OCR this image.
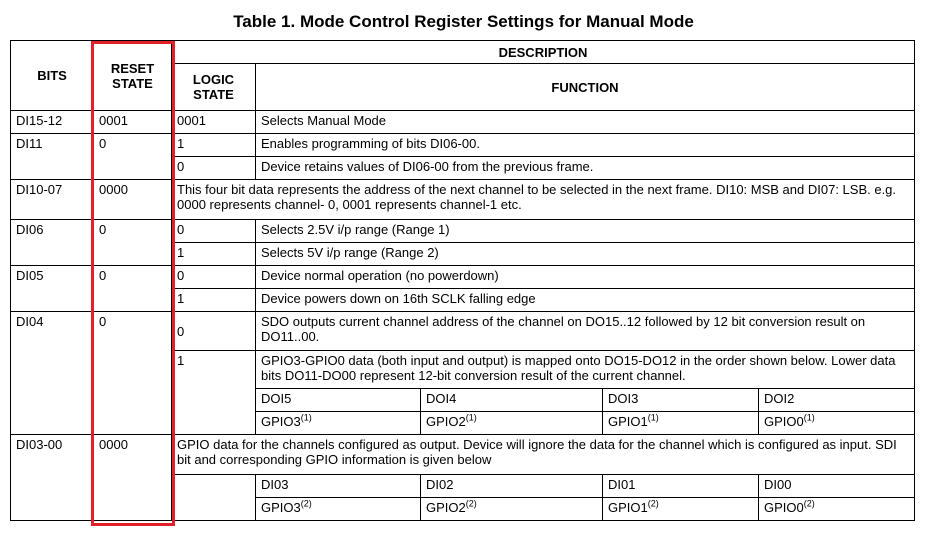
Table 1. Mode Control Register Settings for Manual Mode
BITS	RESET STATE	DESCRIPTION				
		LOGIC STATE	FUNCTION			
DI15-12	0001	0001	Selects Manual Mode			
DI11	0	1	Enables programming of bits DI06-00.			
		0	Device retains values of DI06-00 from the previous frame.			
DI10-07	0000	This four bit data represents the address of the next channel to be selected in the next frame. DI10: MSB and DI07: LSB. e.g. 0000 represents channel- 0, 0001 represents channel-1 etc.				
DI06	0	0	Selects 2.5V i/p range (Range 1)			
		1	Selects 5V i/p range (Range 2)			
DI05	0	0	Device normal operation (no powerdown)			
		1	Device powers down on 16th SCLK falling edge			
DI04	0	0	SDO outputs current channel address of the channel on DO15..12 followed by 12 bit conversion result on DO11..00.			
		1	GPIO3-GPIO0 data (both input and output) is mapped onto DO15-DO12 in the order shown below. Lower data bits DO11-DO00 represent 12-bit conversion result of the current channel.			
			DOI5	DOI4	DOI3	DOI2
			GPIO3$^{(1)}$	GPIO2$^{(1)}$	GPIO1$^{(1)}$	GPIO0$^{(1)}$
DI03-00	0000	GPIO data for the channels configured as output. Device will ignore the data for the channel which is configured as input. SDI bit and corresponding GPIO information is given below				
			DI03	DI02	DI01	DI00
			GPIO3$^{(2)}$	GPIO2$^{(2)}$	GPIO1$^{(2)}$	GPIO0$^{(2)}$
